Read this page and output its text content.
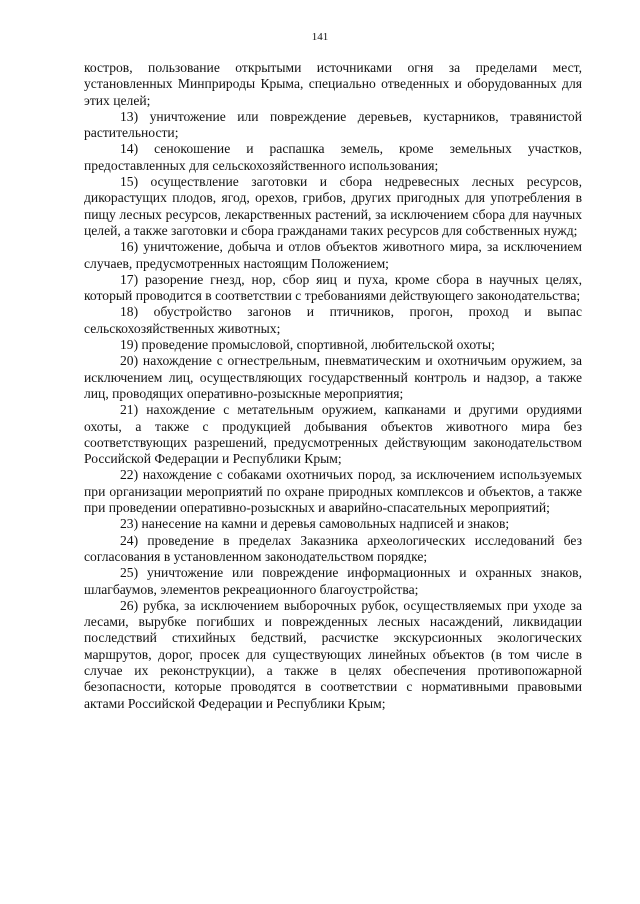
141

костров, пользование открытыми источниками огня за пределами мест, установленных Минприроды Крыма, специально отведенных и оборудованных для этих целей;

13) уничтожение или повреждение деревьев, кустарников, травянистой растительности;

14) сенокошение и распашка земель, кроме земельных участков, предоставленных для сельскохозяйственного использования;

15) осуществление заготовки и сбора недревесных лесных ресурсов, дикорастущих плодов, ягод, орехов, грибов, других пригодных для употребления в пищу лесных ресурсов, лекарственных растений, за исключением сбора для научных целей, а также заготовки и сбора гражданами таких ресурсов для собственных нужд;

16) уничтожение, добыча и отлов объектов животного мира, за исключением случаев, предусмотренных настоящим Положением;

17) разорение гнезд, нор, сбор яиц и пуха, кроме сбора в научных целях, который проводится в соответствии с требованиями действующего законодательства;

18) обустройство загонов и птичников, прогон, проход и выпас сельскохозяйственных животных;

19) проведение промысловой, спортивной, любительской охоты;

20) нахождение с огнестрельным, пневматическим и охотничьим оружием, за исключением лиц, осуществляющих государственный контроль и надзор, а также лиц, проводящих оперативно-розыскные мероприятия;

21) нахождение с метательным оружием, капканами и другими орудиями охоты, а также с продукцией добывания объектов животного мира без соответствующих разрешений, предусмотренных действующим законодательством Российской Федерации и Республики Крым;

22) нахождение с собаками охотничьих пород, за исключением используемых при организации мероприятий по охране природных комплексов и объектов, а также при проведении оперативно-розыскных и аварийно-спасательных мероприятий;

23) нанесение на камни и деревья самовольных надписей и знаков;

24) проведение в пределах Заказника археологических исследований без согласования в установленном законодательством порядке;

25) уничтожение или повреждение информационных и охранных знаков, шлагбаумов, элементов рекреационного благоустройства;

26) рубка, за исключением выборочных рубок, осуществляемых при уходе за лесами, вырубке погибших и поврежденных лесных насаждений, ликвидации последствий стихийных бедствий, расчистке экскурсионных экологических маршрутов, дорог, просек для существующих линейных объектов (в том числе в случае их реконструкции), а также в целях обеспечения противопожарной безопасности, которые проводятся в соответствии с нормативными правовыми актами Российской Федерации и Республики Крым;
